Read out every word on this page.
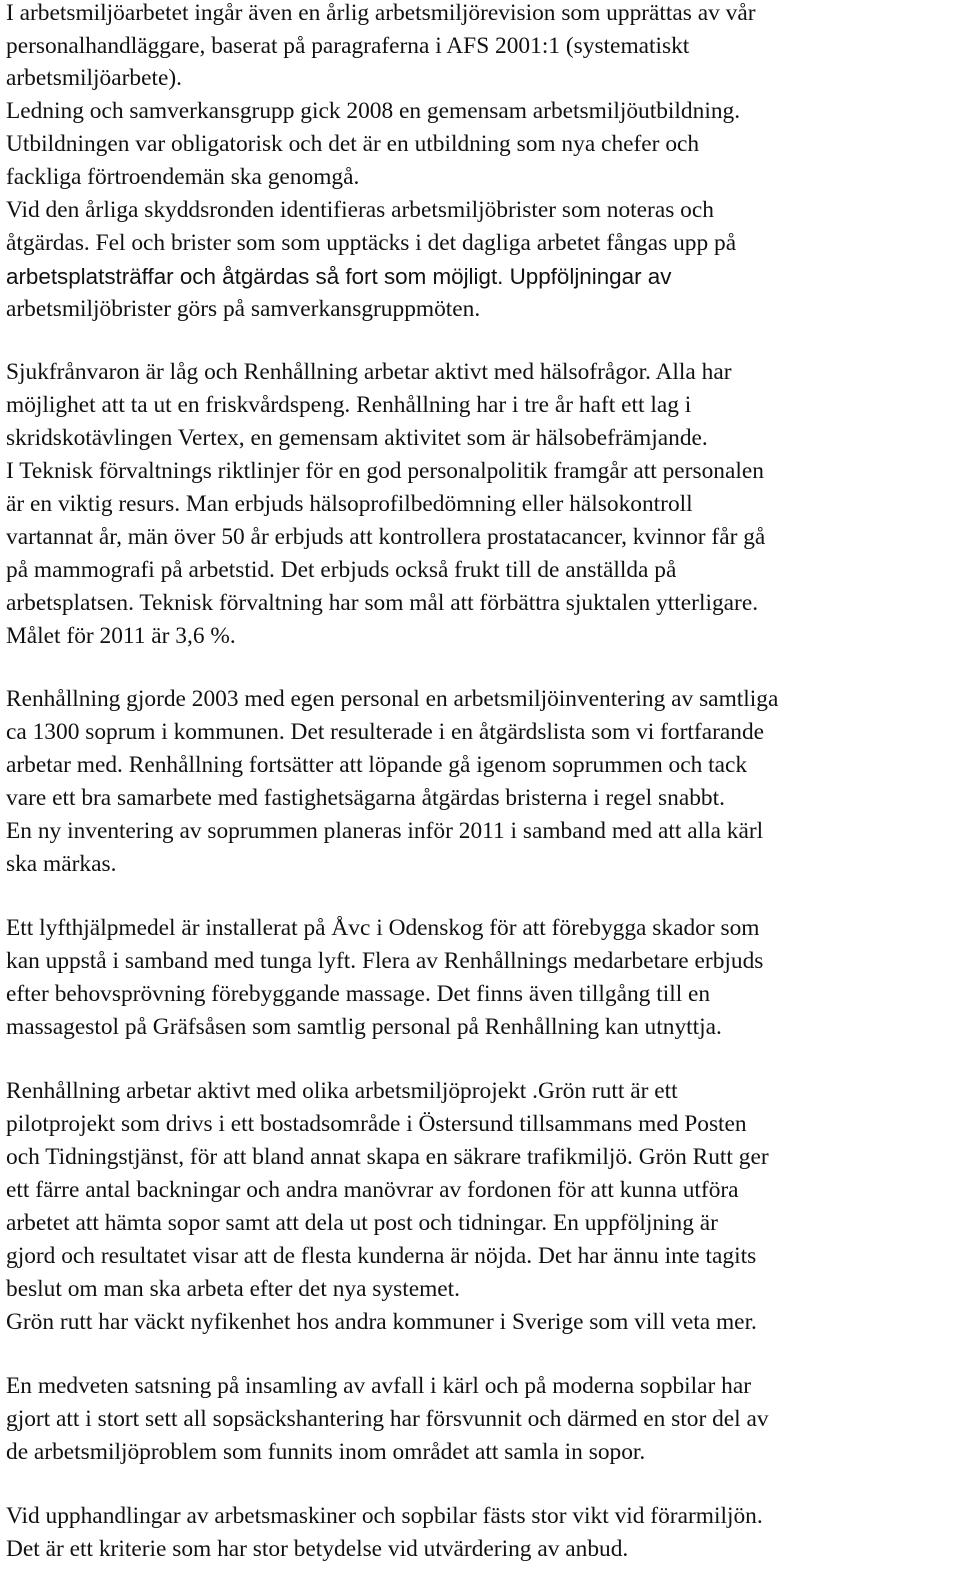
I arbetsmiljöarbetet ingår även en årlig arbetsmiljörevision som upprättas av vår
personalhandläggare, baserat på paragraferna i AFS 2001:1 (systematiskt
arbetsmiljöarbete).
Ledning och samverkansgrupp gick 2008 en gemensam arbetsmiljöutbildning.
Utbildningen var obligatorisk och det är en utbildning som nya chefer och
fackliga förtroendemän ska genomgå.
Vid den årliga skyddsronden identifieras arbetsmiljöbrister som noteras och
åtgärdas. Fel och brister som som upptäcks i det dagliga arbetet fångas upp på
arbetsplatsträffar och åtgärdas så fort som möjligt. Uppföljningar av
arbetsmiljöbrister görs på samverkansgruppmöten.
Sjukfrånvaron är låg och Renhållning arbetar aktivt med hälsofrågor. Alla har
möjlighet att ta ut en friskvårdspeng. Renhållning har i tre år haft ett lag i
skridskotävlingen Vertex, en gemensam aktivitet som är hälsobefrämjande.
I Teknisk förvaltnings riktlinjer för en god personalpolitik framgår att personalen
är en viktig resurs. Man erbjuds hälsoprofilbedömning eller hälsokontroll
vartannat år, män över 50 år erbjuds att kontrollera prostatacancer, kvinnor får gå
på mammografi på arbetstid. Det erbjuds också frukt till de anställda på
arbetsplatsen. Teknisk förvaltning har som mål att förbättra sjuktalen ytterligare.
Målet för 2011 är 3,6 %.
Renhållning gjorde 2003 med egen personal en arbetsmiljöinventering av samtliga
ca 1300 soprum i kommunen. Det resulterade i en åtgärdslista som vi fortfarande
arbetar med. Renhållning fortsätter att löpande gå igenom soprummen och tack
vare ett bra samarbete med fastighetsägarna åtgärdas bristerna i regel snabbt.
En ny inventering av soprummen planeras inför 2011 i samband med att alla kärl
ska märkas.
Ett lyfthjälpmedel är installerat på Åvc i Odenskog för att förebygga skador som
kan uppstå i samband med tunga lyft. Flera av Renhållnings medarbetare erbjuds
efter behovsprövning förebyggande massage. Det finns även tillgång till en
massagestol på Gräfsåsen som samtlig personal på Renhållning kan utnyttja.
Renhållning arbetar aktivt med olika arbetsmiljöprojekt .Grön rutt är ett
pilotprojekt som drivs i ett bostadsområde i Östersund tillsammans med Posten
och Tidningstjänst, för att bland annat skapa en säkrare trafikmiljö. Grön Rutt ger
ett färre antal backningar och andra manövrar av fordonen för att kunna utföra
arbetet att hämta sopor samt att dela ut post och tidningar. En uppföljning är
gjord och resultatet visar att de flesta kunderna är nöjda. Det har ännu inte tagits
beslut om man ska arbeta efter det nya systemet.
Grön rutt har väckt nyfikenhet hos andra kommuner i Sverige som vill veta mer.
En medveten satsning på insamling av avfall i kärl och på moderna sopbilar har
gjort att i stort sett all sopsäckshantering har försvunnit och därmed en stor del av
de arbetsmiljöproblem som funnits inom området att samla in sopor.
Vid upphandlingar av arbetsmaskiner och sopbilar fästs stor vikt vid förarmiljön.
Det är ett kriterie som har stor betydelse vid utvärdering av anbud.
